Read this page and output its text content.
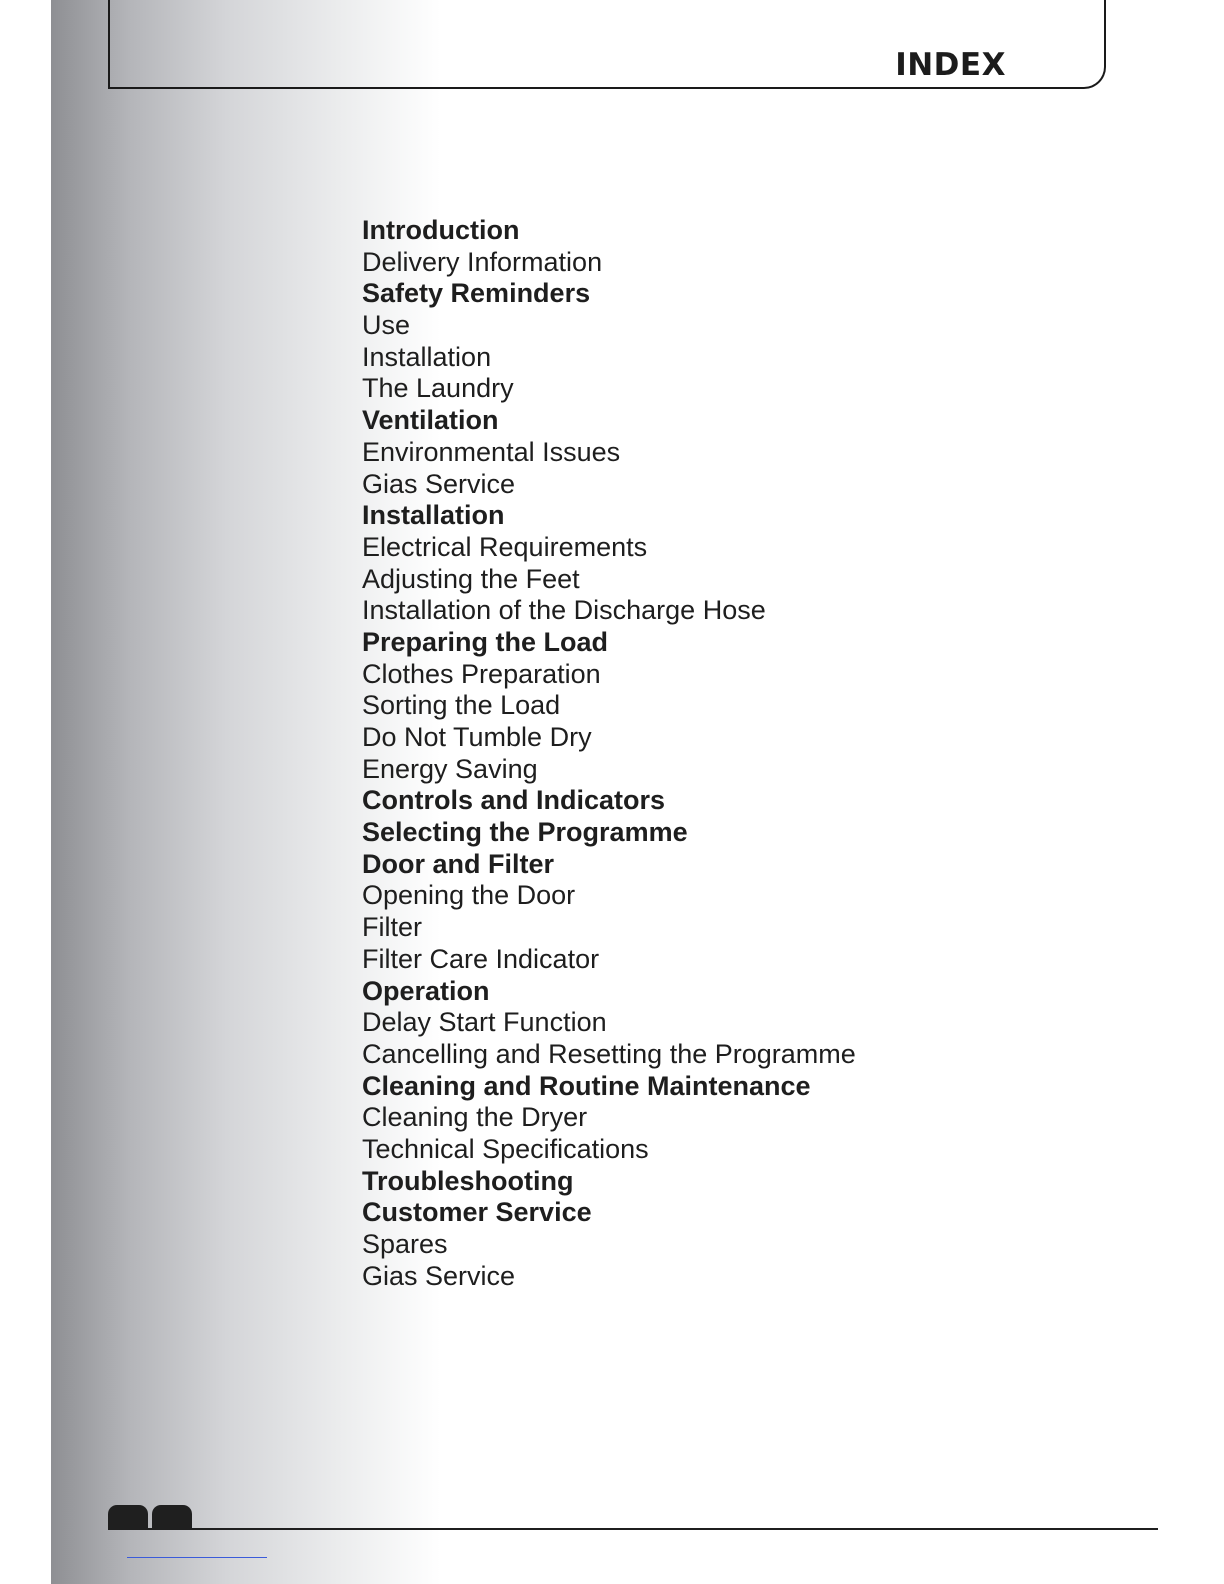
INDEX
Introduction
Delivery Information
Safety Reminders
Use
Installation
The Laundry
Ventilation
Environmental Issues
Gias Service
Installation
Electrical Requirements
Adjusting the Feet
Installation of the Discharge Hose
Preparing the Load
Clothes Preparation
Sorting the Load
Do Not Tumble Dry
Energy Saving
Controls and Indicators
Selecting the Programme
Door and Filter
Opening the Door
Filter
Filter Care Indicator
Operation
Delay Start Function
Cancelling and Resetting the Programme
Cleaning and Routine Maintenance
Cleaning the Dryer
Technical Specifications
Troubleshooting
Customer Service
Spares
Gias Service
